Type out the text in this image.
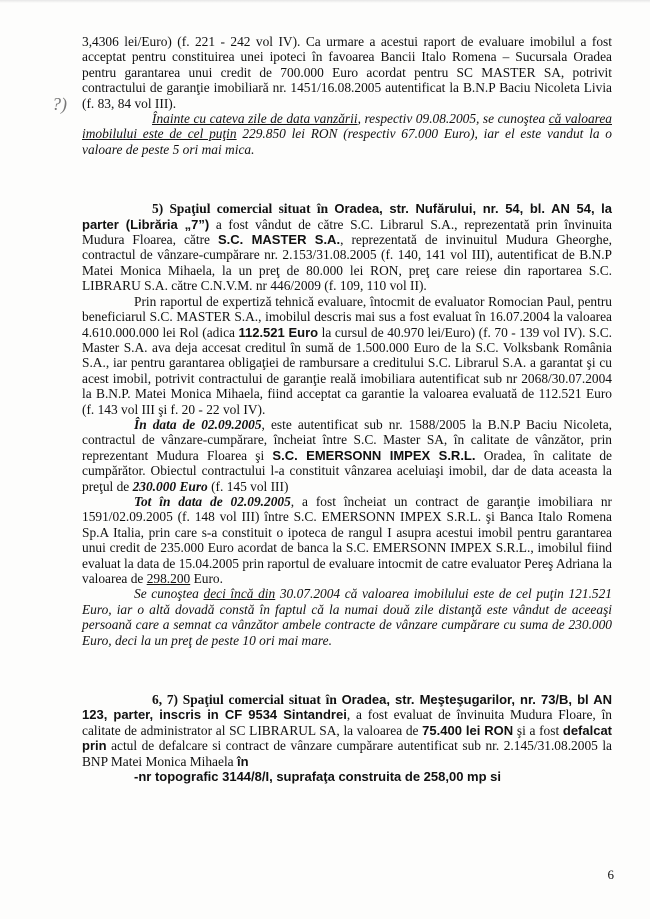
?)

3,4306 lei/Euro) (f. 221 - 242 vol IV). Ca urmare a acestui raport de evaluare imobilul a fost acceptat pentru constituirea unei ipoteci în favoarea Bancii Italo Romena – Sucursala Oradea pentru garantarea unui credit de 700.000 Euro acordat pentru SC MASTER SA, potrivit contractului de garanţie imobiliară nr. 1451/16.08.2005 autentificat la B.N.P Baciu Nicoleta Livia (f. 83, 84 vol III).

Înainte cu cateva zile de data vanzării, respectiv 09.08.2005, se cunoştea că valoarea imobilului este de cel puţin 229.850 lei RON (respectiv 67.000 Euro), iar el este vandut la o valoare de peste 5 ori mai mica.

5) Spaţiul comercial situat în Oradea, str. Nufărului, nr. 54, bl. AN 54, la parter (Librăria „7”) a fost vândut de către S.C. Librarul S.A., reprezentată prin învinuita Mudura Floarea, către S.C. MASTER S.A., reprezentată de invinuitul Mudura Gheorghe, contractul de vânzare-cumpărare nr. 2.153/31.08.2005 (f. 140, 141 vol III), autentificat de B.N.P Matei Monica Mihaela, la un preţ de 80.000 lei RON, preţ care reiese din raportarea S.C. LIBRARU S.A. către C.N.V.M. nr 446/2009 (f. 109, 110 vol II).

Prin raportul de expertiză tehnică evaluare, întocmit de evaluator Romocian Paul, pentru beneficiarul S.C. MASTER S.A., imobilul descris mai sus a fost evaluat în 16.07.2004 la valoarea 4.610.000.000 lei Rol (adica 112.521 Euro la cursul de 40.970 lei/Euro) (f. 70 - 139 vol IV). S.C. Master S.A. ava deja accesat creditul în sumă de 1.500.000 Euro de la S.C. Volksbank România S.A., iar pentru garantarea obligaţiei de rambursare a creditului S.C. Librarul S.A. a garantat şi cu acest imobil, potrivit contractului de garanţie reală imobiliara autentificat sub nr 2068/30.07.2004 la B.N.P. Matei Monica Mihaela, fiind acceptat ca garantie la valoarea evaluată de 112.521 Euro (f. 143 vol III şi f. 20 - 22 vol IV).

În data de 02.09.2005, este autentificat sub nr. 1588/2005 la B.N.P Baciu Nicoleta, contractul de vânzare-cumpărare, încheiat între S.C. Master SA, în calitate de vânzător, prin reprezentant Mudura Floarea şi S.C. EMERSONN IMPEX S.R.L. Oradea, în calitate de cumpărător. Obiectul contractului l-a constituit vânzarea aceluiaşi imobil, dar de data aceasta la preţul de 230.000 Euro (f. 145 vol III)

Tot în data de 02.09.2005, a fost încheiat un contract de garanţie imobiliara nr 1591/02.09.2005 (f. 148 vol III) între S.C. EMERSONN IMPEX S.R.L. şi Banca Italo Romena Sp.A Italia, prin care s-a constituit o ipoteca de rangul I asupra acestui imobil pentru garantarea unui credit de 235.000 Euro acordat de banca la S.C. EMERSONN IMPEX S.R.L., imobilul fiind evaluat la data de 15.04.2005 prin raportul de evaluare intocmit de catre evaluator Pereş Adriana la valoarea de 298.200 Euro.

Se cunoştea deci încă din 30.07.2004 că valoarea imobilului este de cel puţin 121.521 Euro, iar o altă dovadă constă în faptul că la numai două zile distanţă este vândut de aceeaşi persoană care a semnat ca vânzător ambele contracte de vânzare cumpărare cu suma de 230.000 Euro, deci la un preţ de peste 10 ori mai mare.

6, 7) Spaţiul comercial situat în Oradea, str. Meşteşugarilor, nr. 73/B, bl AN 123, parter, inscris in CF 9534 Sintandrei, a fost evaluat de învinuita Mudura Floare, în calitate de administrator al SC LIBRARUL SA, la valoarea de 75.400 lei RON şi a fost defalcat prin actul de defalcare si contract de vânzare cumpărare autentificat sub nr. 2.145/31.08.2005 la BNP Matei Monica Mihaela în

-nr topografic 3144/8/I, suprafaţa construita de 258,00 mp si

6
